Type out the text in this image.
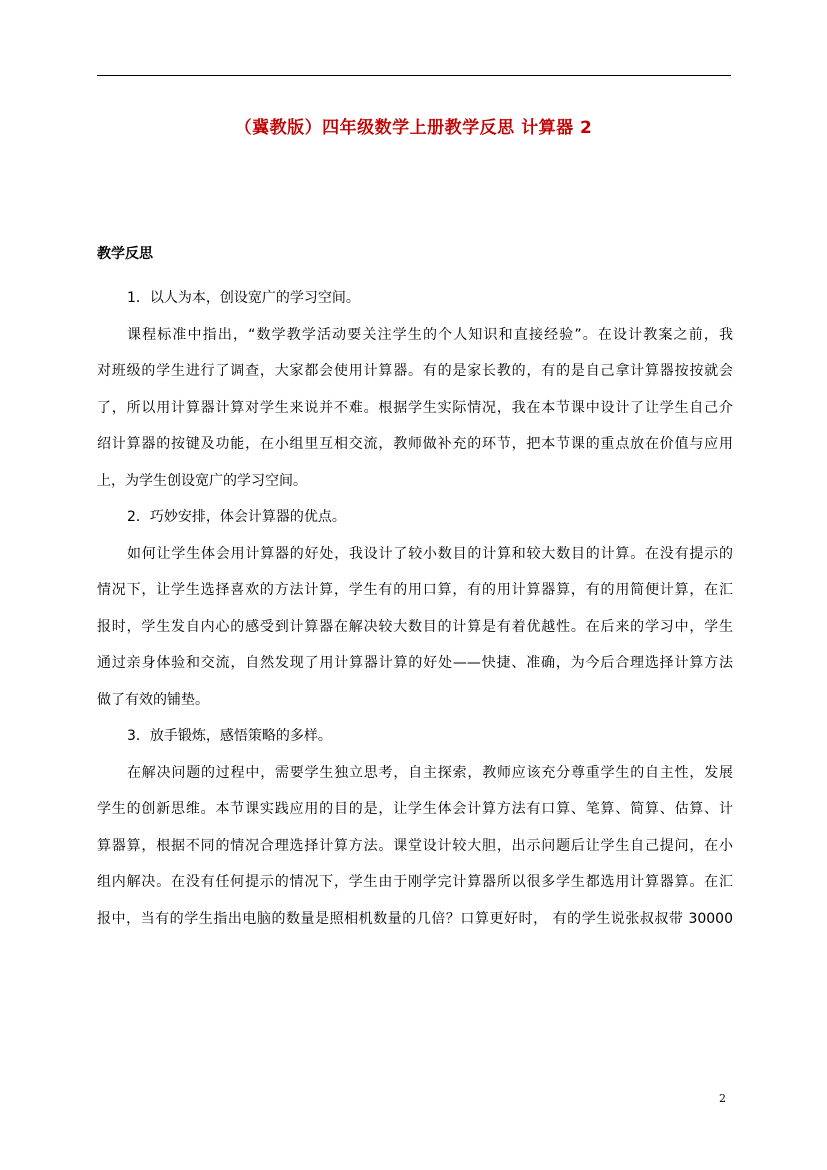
（冀教版）四年级数学上册教学反思 计算器 2
教学反思

1．以人为本，创设宽广的学习空间。

课程标准中指出，“数学教学活动要关注学生的个人知识和直接经验”。在设计教案之前，我
对班级的学生进行了调查，大家都会使用计算器。有的是家长教的，有的是自己拿计算器按按就会
了，所以用计算器计算对学生来说并不难。根据学生实际情况，我在本节课中设计了让学生自己介
绍计算器的按键及功能，在小组里互相交流，教师做补充的环节，把本节课的重点放在价值与应用
上，为学生创设宽广的学习空间。

2．巧妙安排，体会计算器的优点。

如何让学生体会用计算器的好处，我设计了较小数目的计算和较大数目的计算。在没有提示的
情况下，让学生选择喜欢的方法计算，学生有的用口算，有的用计算器算，有的用简便计算，在汇
报时，学生发自内心的感受到计算器在解决较大数目的计算是有着优越性。在后来的学习中，学生
通过亲身体验和交流，自然发现了用计算器计算的好处——快捷、准确，为今后合理选择计算方法
做了有效的铺垫。

3．放手锻炼，感悟策略的多样。

在解决问题的过程中，需要学生独立思考，自主探索，教师应该充分尊重学生的自主性，发展
学生的创新思维。本节课实践应用的目的是，让学生体会计算方法有口算、笔算、简算、估算、计
算器算，根据不同的情况合理选择计算方法。课堂设计较大胆，出示问题后让学生自己提问，在小
组内解决。在没有任何提示的情况下，学生由于刚学完计算器所以很多学生都选用计算器算。在汇
报中，当有的学生指出电脑的数量是照相机数量的几倍？口算更好时， 有的学生说张叔叔带 30000
2
